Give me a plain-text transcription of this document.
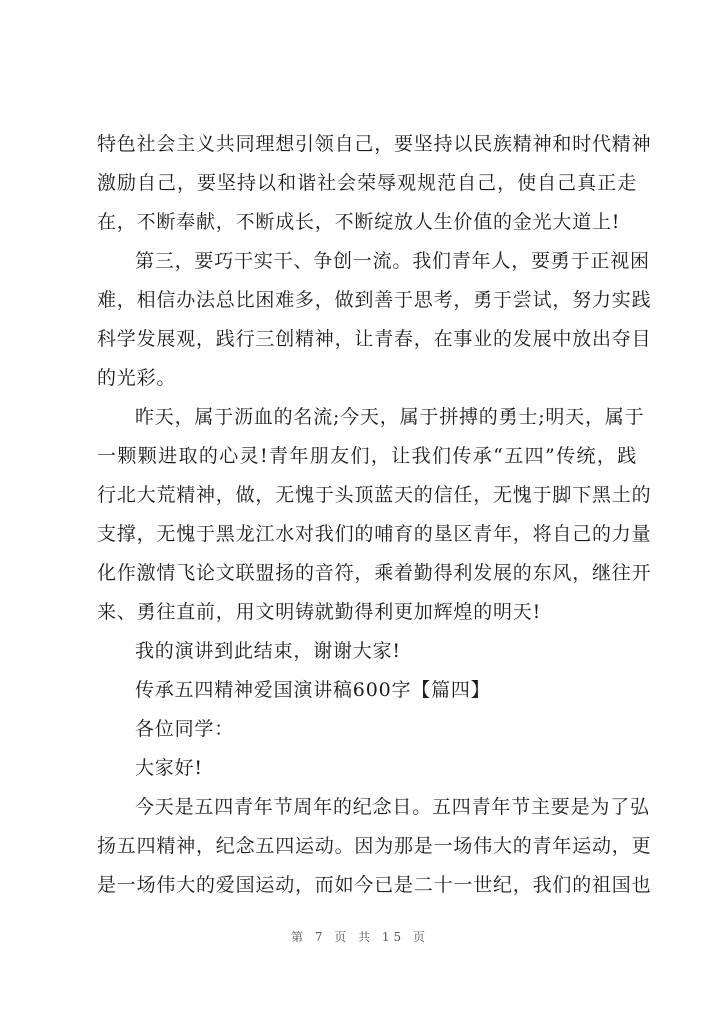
特色社会主义共同理想引领自己，要坚持以民族精神和时代精神
激励自己，要坚持以和谐社会荣辱观规范自己，使自己真正走
在，不断奉献，不断成长，不断绽放人生价值的金光大道上!
第三，要巧干实干、争创一流。我们青年人，要勇于正视困
难，相信办法总比困难多，做到善于思考，勇于尝试，努力实践
科学发展观，践行三创精神，让青春，在事业的发展中放出夺目
的光彩。
昨天，属于沥血的名流;今天，属于拼搏的勇士;明天，属于
一颗颗进取的心灵!青年朋友们，让我们传承“五四”传统，践
行北大荒精神，做，无愧于头顶蓝天的信任，无愧于脚下黑土的
支撑，无愧于黑龙江水对我们的哺育的垦区青年，将自己的力量
化作激情飞论文联盟扬的音符，乘着勤得利发展的东风，继往开
来、勇往直前，用文明铸就勤得利更加辉煌的明天!
我的演讲到此结束，谢谢大家!
传承五四精神爱国演讲稿600字【篇四】
各位同学：
大家好!
今天是五四青年节周年的纪念日。五四青年节主要是为了弘
扬五四精神，纪念五四运动。因为那是一场伟大的青年运动，更
是一场伟大的爱国运动，而如今已是二十一世纪，我们的祖国也
第 7 页 共 15 页
